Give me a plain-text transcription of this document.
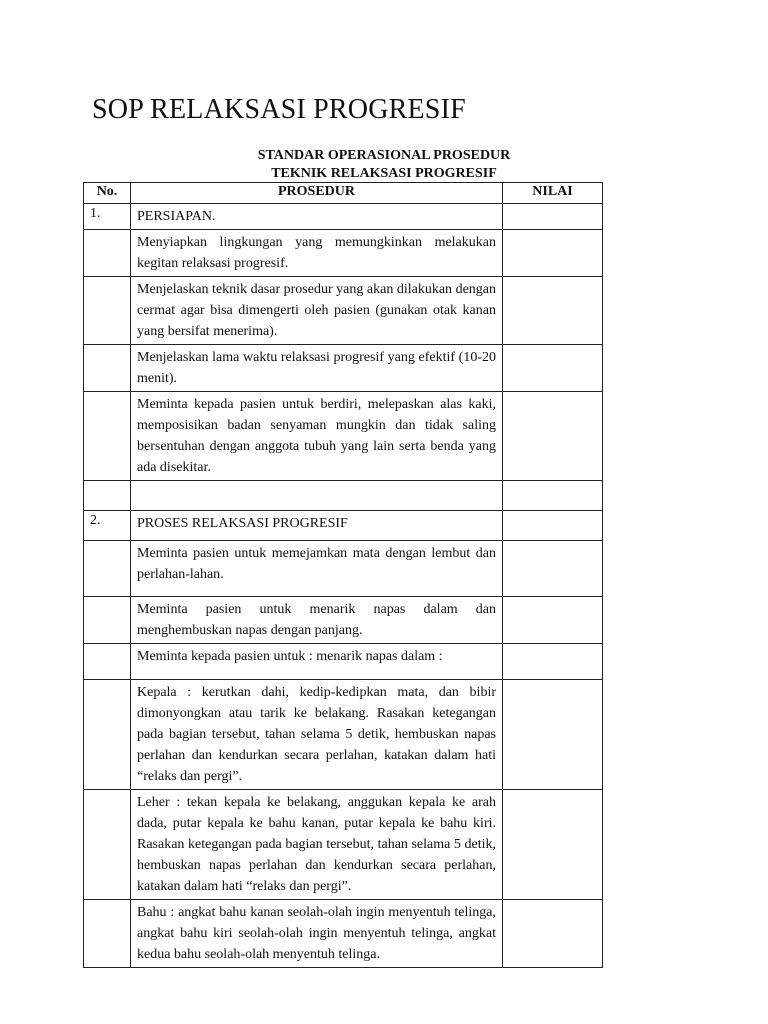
SOP RELAKSASI PROGRESIF
STANDAR OPERASIONAL PROSEDUR
TEKNIK RELAKSASI PROGRESIF
No.	PROSEDUR	NILAI
1.	PERSIAPAN.	
	Menyiapkan lingkungan yang memungkinkan melakukan kegitan relaksasi progresif.	
	Menjelaskan teknik dasar prosedur yang akan dilakukan dengan cermat agar bisa dimengerti oleh pasien (gunakan otak kanan yang bersifat menerima).	
	Menjelaskan lama waktu relaksasi progresif yang efektif (10-20 menit).	
	Meminta kepada pasien untuk berdiri, melepaskan alas kaki, memposisikan badan senyaman mungkin dan tidak saling bersentuhan dengan anggota tubuh yang lain serta benda yang ada disekitar.	

2.	PROSES RELAKSASI PROGRESIF	
	Meminta pasien untuk memejamkan mata dengan lembut dan perlahan-lahan.	
	Meminta pasien untuk menarik napas dalam dan menghembuskan napas dengan panjang.	
	Meminta kepada pasien untuk : menarik napas dalam :	
	Kepala : kerutkan dahi, kedip-kedipkan mata, dan bibir dimonyongkan atau tarik ke belakang. Rasakan ketegangan pada bagian tersebut, tahan selama 5 detik, hembuskan napas perlahan dan kendurkan secara perlahan, katakan dalam hati “relaks dan pergi”.	
	Leher : tekan kepala ke belakang, anggukan kepala ke arah dada, putar kepala ke bahu kanan, putar kepala ke bahu kiri. Rasakan ketegangan pada bagian tersebut, tahan selama 5 detik, hembuskan napas perlahan dan kendurkan secara perlahan, katakan dalam hati “relaks dan pergi”.	
	Bahu : angkat bahu kanan seolah-olah ingin menyentuh telinga, angkat bahu kiri seolah-olah ingin menyentuh telinga, angkat kedua bahu seolah-olah menyentuh telinga.	
